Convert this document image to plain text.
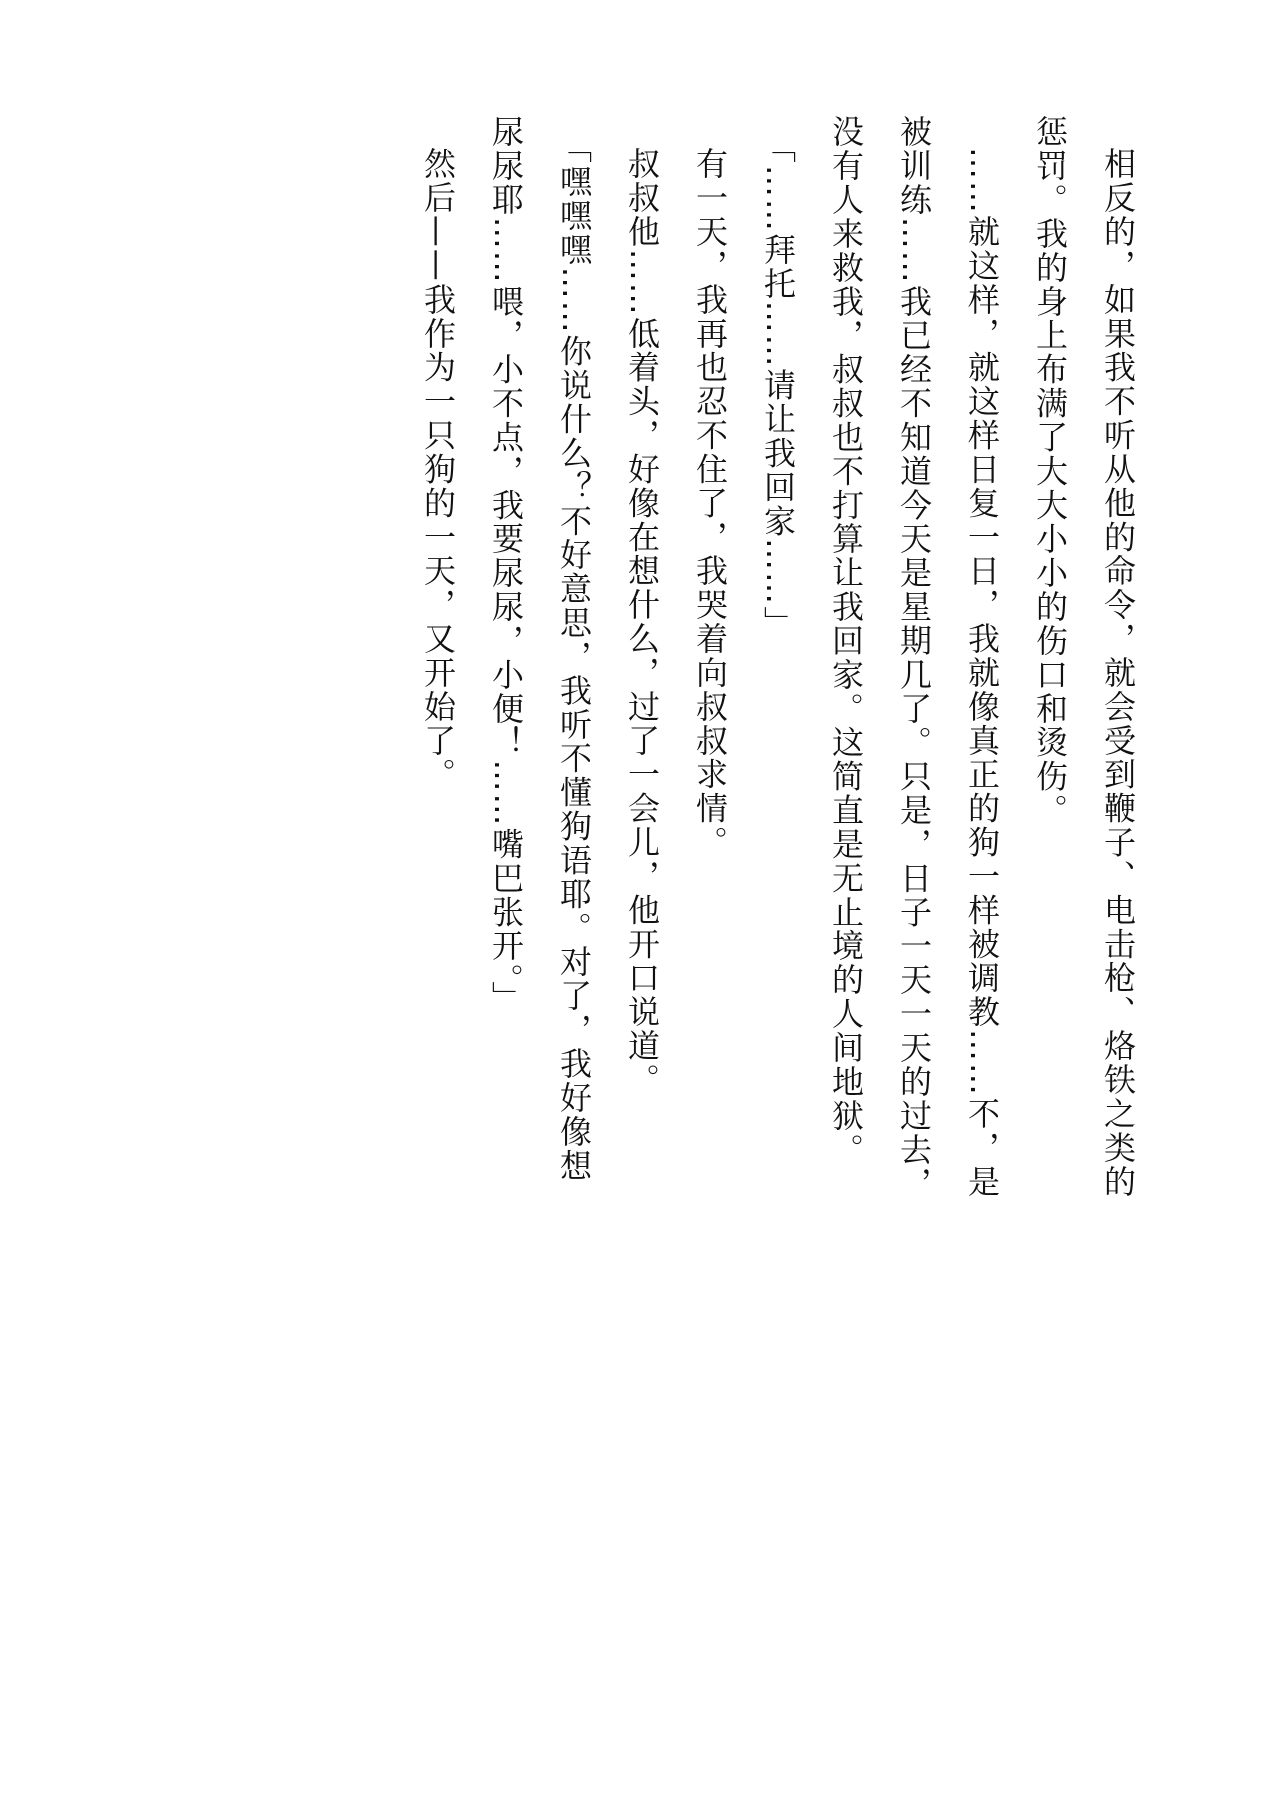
相反的，如果我不听从他的命令，就会受到鞭子、电击枪、烙铁之类的惩罚。我的身上布满了大大小小的伤口和烫伤。

……就这样，就这样日复一日，我就像真正的狗一样被调教……不，是被训练……我已经不知道今天是星期几了。只是，日子一天一天的过去，没有人来救我，叔叔也不打算让我回家。这简直是无止境的人间地狱。

「……拜托……请让我回家……」

有一天，我再也忍不住了，我哭着向叔叔求情。

叔叔他……低着头，好像在想什么，过了一会儿，他开口说道。

「嘿嘿嘿……你说什么？不好意思，我听不懂狗语耶。对了，我好像想尿尿耶……喂，小不点，我要尿尿，小便！……嘴巴张开。」

然后——我作为一只狗的一天，又开始了。
